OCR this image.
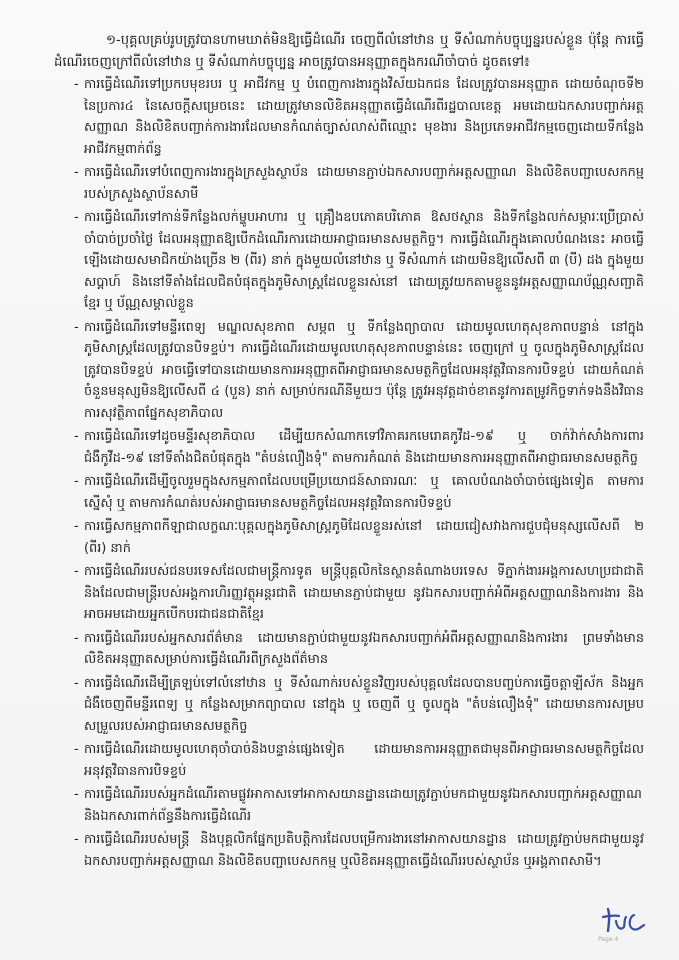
១-បុគ្គលគ្រប់រូបត្រូវបានហាមឃាត់មិនឱ្យធ្វើដំណើរ ចេញពីលំនៅឋាន ឬ ទីសំណាក់បច្ចុប្បន្នរបស់ខ្លួន ប៉ុន្តែ ការធ្វើដំណើរចេញក្រៅពីលំនៅឋាន ឬ ទីសំណាក់បច្ចុប្បន្ន អាចត្រូវបានអនុញ្ញាតក្នុងករណីចាំបាច់ ដូចតទៅ៖

- ការធ្វើដំណើរទៅប្រកបមុខរបរ ឬ អាជីវកម្ម ឬ បំពេញការងារក្នុងវិស័យឯកជន ដែលត្រូវបានអនុញ្ញាត ដោយចំណុចទី២ នៃប្រការ៤ នៃសេចក្តីសម្រេចនេះ ដោយត្រូវមានលិខិតអនុញ្ញាតធ្វើដំណើរពីរដ្ឋបាលខេត្ត អមដោយឯកសារបញ្ជាក់អត្តសញ្ញាណ និងលិខិតបញ្ជាក់ការងារដែលមានកំណត់ច្បាស់លាស់ពីឈ្មោះ មុខងារ និងប្រភេទអាជីវកម្មចេញដោយទីកន្លែងអាជីវកម្មពាក់ព័ន្ធ
- ការធ្វើដំណើរទៅបំពេញការងារក្នុងក្រសួងស្ថាប័ន ដោយមានភ្ជាប់ឯកសារបញ្ជាក់អត្តសញ្ញាណ និងលិខិតបញ្ជាបេសកកម្មរបស់ក្រសួងស្ថាប័នសាមី
- ការធ្វើដំណើរទៅកាន់ទីកន្លែងលក់ម្ហូបអាហារ ឬ គ្រឿងឧបភោគបរិភោគ ឱសថស្ថាន និងទីកន្លែងលក់សម្ភារៈប្រើប្រាស់ចាំបាច់ប្រចាំថ្ងៃ ដែលអនុញ្ញាតឱ្យបើកដំណើរការដោយអាជ្ញាធរមានសមត្ថកិច្ច។ ការធ្វើដំណើរក្នុងគោលបំណងនេះ អាចធ្វើឡើងដោយសមាជិកយ៉ាងច្រើន ២ (ពីរ) នាក់ ក្នុងមួយលំនៅឋាន ឬ ទីសំណាក់ ដោយមិនឱ្យលើសពី ៣ (បី) ដង ក្នុងមួយសប្តាហ៍ និងនៅទីតាំងដែលជិតបំផុតក្នុងភូមិសាស្ត្រដែលខ្លួនរស់នៅ ដោយត្រូវយកតាមខ្លួននូវអត្តសញ្ញាណប័ណ្ណសញ្ជាតិខ្មែរ ឬ ប័ណ្ណសម្គាល់ខ្លួន
- ការធ្វើដំណើរទៅមន្ទីរពេទ្យ មណ្ឌលសុខភាព សម្ភព ឬ ទីកន្លែងព្យាបាល ដោយមូលហេតុសុខភាពបន្ទាន់ នៅក្នុងភូមិសាស្ត្រដែលត្រូវបានបិទខ្ទប់។ ការធ្វើដំណើរដោយមូលហេតុសុខភាពបន្ទាន់នេះ ចេញក្រៅ ឬ ចូលក្នុងភូមិសាស្ត្រដែលត្រូវបានបិទខ្ទប់ អាចធ្វើទៅបានដោយមានការអនុញ្ញាតពីអាជ្ញាធរមានសមត្ថកិច្ចដែលអនុវត្តវិធានការបិទខ្ទប់ ដោយកំណត់ចំនួនមនុស្សមិនឱ្យលើសពី ៤ (បួន) នាក់ សម្រាប់ករណីនីមួយៗ ប៉ុន្តែ ត្រូវអនុវត្តដាច់ខាតនូវការតម្រូវកិច្ចទាក់ទងនឹងវិធានការសុវត្ថិភាពផ្នែកសុខាភិបាល
- ការធ្វើដំណើរទៅដូចមន្ទីរសុខាភិបាល ដើម្បីយកសំណាកទៅវិភាគរកមេរោគកូវីដ-១៩ ឬ ចាក់វ៉ាក់សាំងការពារជំងឺកូវីដ-១៩ នៅទីតាំងជិតបំផុតក្នុង "តំបន់លឿងទុំ" តាមការកំណត់ និងដោយមានការអនុញ្ញាតពីអាជ្ញាធរមានសមត្ថកិច្ច
- ការធ្វើដំណើរដើម្បីចូលរួមក្នុងសកម្មភាពដែលបម្រើប្រយោជន៍សាធារណៈ ឬ គោលបំណងចាំបាច់ផ្សេងទៀត តាមការស្នើសុំ ឬ តាមការកំណត់របស់អាជ្ញាធរមានសមត្ថកិច្ចដែលអនុវត្តវិធានការបិទខ្ទប់
- ការធ្វើសកម្មភាពកីឡាជាលក្ខណៈបុគ្គលក្នុងភូមិសាស្ត្រភូមិដែលខ្លួនរស់នៅ ដោយជៀសវាងការជួបជុំមនុស្សលើសពី ២ (ពីរ) នាក់
- ការធ្វើដំណើររបស់ជនបរទេសដែលជាមន្ត្រីការទូត មន្ត្រីបុគ្គលិកនៃស្ថានតំណាងបរទេស ទីភ្នាក់ងារអង្គការសហប្រជាជាតិ និងដែលជាមន្ត្រីរបស់អង្គការហិរញ្ញវត្ថុអន្តរជាតិ ដោយមានភ្ជាប់ជាមួយ នូវឯកសារបញ្ជាក់អំពីអត្តសញ្ញាណនិងការងារ និងអាចអមដោយអ្នកបើកបរជាជនជាតិខ្មែរ
- ការធ្វើដំណើររបស់អ្នកសារព័ត៌មាន ដោយមានភ្ជាប់ជាមួយនូវឯកសារបញ្ជាក់អំពីអត្តសញ្ញាណនិងការងារ ព្រមទាំងមានលិខិតអនុញ្ញាតសម្រាប់ការធ្វើដំណើរពីក្រសួងព័ត៌មាន
- ការធ្វើដំណើរដើម្បីត្រឡប់ទៅលំនៅឋាន ឬ ទីសំណាក់របស់ខ្លួនវិញរបស់បុគ្គលដែលបានបញ្ចប់ការធ្វើចត្តាឡីស័ក និងអ្នកជំងឺចេញពីមន្ទីរពេទ្យ ឬ កន្លែងសម្រាកព្យាបាល នៅក្នុង ឬ ចេញពី ឬ ចូលក្នុង "តំបន់លឿងទុំ" ដោយមានការសម្របសម្រួលរបស់អាជ្ញាធរមានសមត្ថកិច្ច
- ការធ្វើដំណើរដោយមូលហេតុចាំបាច់និងបន្ទាន់ផ្សេងទៀត ដោយមានការអនុញ្ញាតជាមុនពីអាជ្ញាធរមានសមត្ថកិច្ចដែលអនុវត្តវិធានការបិទខ្ទប់
- ការធ្វើដំណើររបស់អ្នកដំណើរតាមផ្លូវអាកាសទៅអាកាសយានដ្ឋានដោយត្រូវភ្ជាប់មកជាមួយនូវឯកសារបញ្ជាក់អត្តសញ្ញាណ និងឯកសារពាក់ព័ន្ធនឹងការធ្វើដំណើរ
- ការធ្វើដំណើររបស់មន្ត្រី និងបុគ្គលិកផ្នែកប្រតិបត្តិការដែលបម្រើការងារនៅអាកាសយានដ្ឋាន ដោយត្រូវភ្ជាប់មកជាមួយនូវឯកសារបញ្ជាក់អត្តសញ្ញាណ និងលិខិតបញ្ជាបេសកកម្ម ឬលិខិតអនុញ្ញាតធ្វើដំណើររបស់ស្ថាប័ន ឬអង្គភាពសាមី។
Page 4
